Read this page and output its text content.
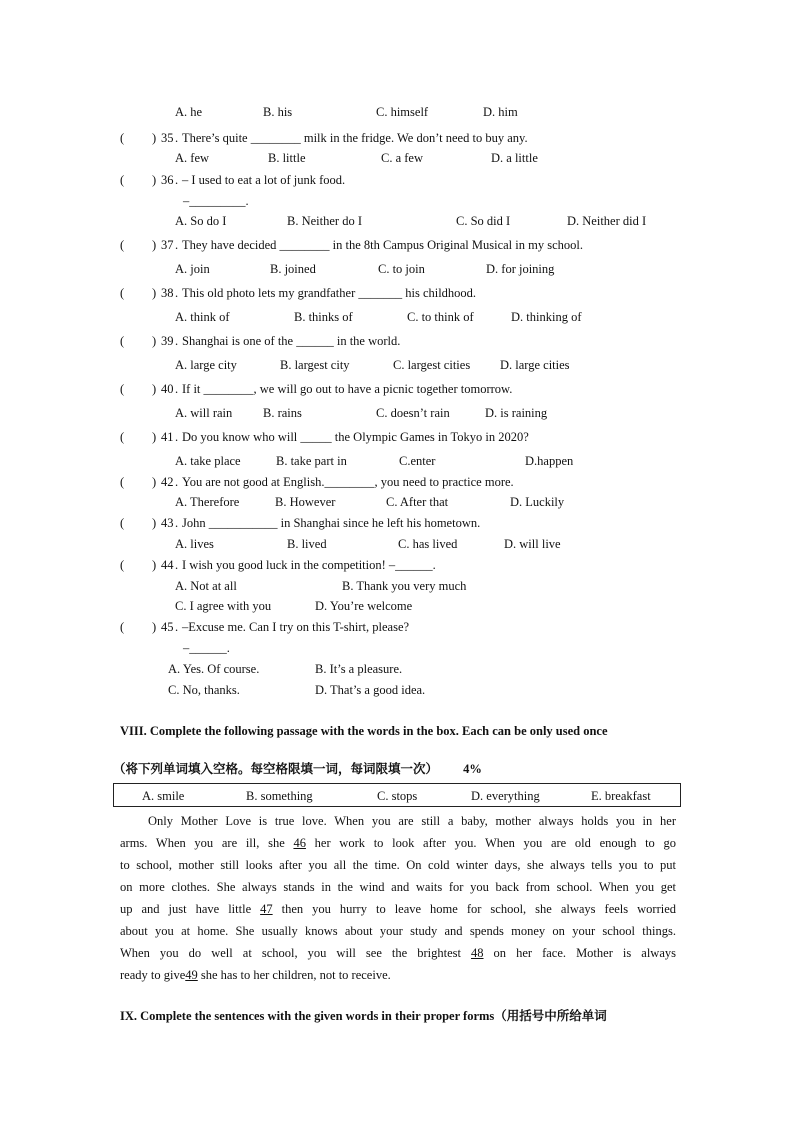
A. he	B. his	C. himself	D. him
( ) 35 . There’s quite ________ milk in the fridge. We don’t need to buy any.
A. few	B. little	C. a few	D. a little
( ) 36 . – I used to eat a lot of junk food.
–_________.
A. So do I	B. Neither do I	C. So did I	D. Neither did I
( ) 37 . They have decided ________ in the 8th Campus Original Musical in my school.
A. join	B. joined	C. to join	D. for joining
( ) 38 . This old photo lets my grandfather _______ his childhood.
A. think of	B. thinks of	C. to think of	D. thinking of
( ) 39 . Shanghai is one of the ______ in the world.
A. large city	B. largest city	C. largest cities D. large cities
( ) 40 . If it ________, we will go out to have a picnic together tomorrow.
A. will rain B. rains	C. doesn’t rain	D. is raining
( ) 41 . Do you know who will _____ the Olympic Games in Tokyo in 2020?
A. take place	B. take part in	C.enter	D.happen
( ) 42 . You are not good at English.________, you need to practice more.
A. Therefore	B. However	C. After that	D. Luckily
( ) 43 . John ___________ in Shanghai since he left his hometown.
A. lives	B. lived	C. has lived	D. will live
( ) 44 . I wish you good luck in the competition! –______.
A. Not at all	B. Thank you very much
C. I agree with you	D. You’re welcome
( ) 45 . –Excuse me. Can I try on this T-shirt, please?
–______.
A. Yes. Of course.	B. It’s a pleasure.
C. No, thanks.	D. That’s a good idea.
VIII. Complete the following passage with the words in the box. Each can be only used once
（将下列单词填入空格。每空格限填一词，每词限填一次） 4%
A. smile	B. something	C. stops	D. everything	E. breakfast
Only Mother Love is true love. When you are still a baby, mother always holds you in her
arms. When you are ill, she 46 her work to look after you. When you are old enough to go
to school, mother still looks after you all the time. On cold winter days, she always tells you to put
on more clothes. She always stands in the wind and waits for you back from school. When you get
up and just have little 47 then you hurry to leave home for school, she always feels worried
about you at home. She usually knows about your study and spends money on your school things.
When you do well at school, you will see the brightest 48 on her face. Mother is always
ready to give49 she has to her children, not to receive.
IX. Complete the sentences with the given words in their proper forms（用括号中所给单词
